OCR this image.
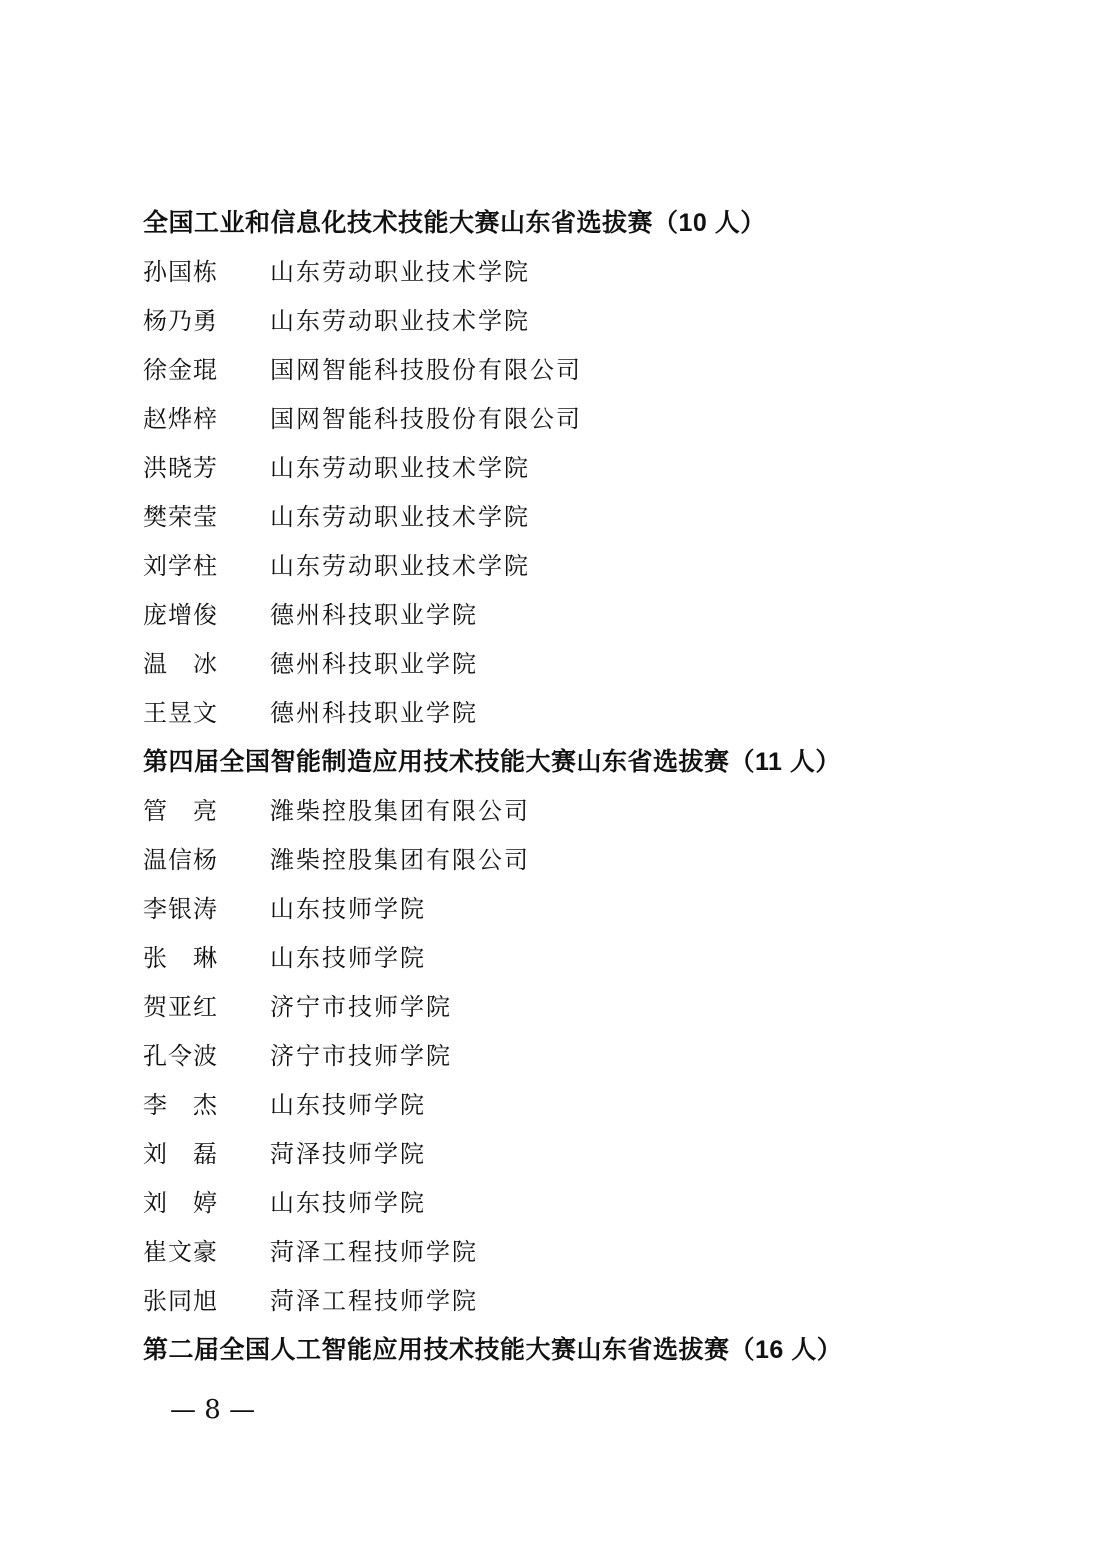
全国工业和信息化技术技能大赛山东省选拔赛（10 人）
孙国栋	山东劳动职业技术学院
杨乃勇	山东劳动职业技术学院
徐金琨	国网智能科技股份有限公司
赵烨梓	国网智能科技股份有限公司
洪晓芳	山东劳动职业技术学院
樊荣莹	山东劳动职业技术学院
刘学柱	山东劳动职业技术学院
庞增俊	德州科技职业学院
温　冰	德州科技职业学院
王昱文	德州科技职业学院
第四届全国智能制造应用技术技能大赛山东省选拔赛（11 人）
管　亮	潍柴控股集团有限公司
温信杨	潍柴控股集团有限公司
李银涛	山东技师学院
张　琳	山东技师学院
贺亚红	济宁市技师学院
孔令波	济宁市技师学院
李　杰	山东技师学院
刘　磊	菏泽技师学院
刘　婷	山东技师学院
崔文豪	菏泽工程技师学院
张同旭	菏泽工程技师学院
第二届全国人工智能应用技术技能大赛山东省选拔赛（16 人）
— 8 —
